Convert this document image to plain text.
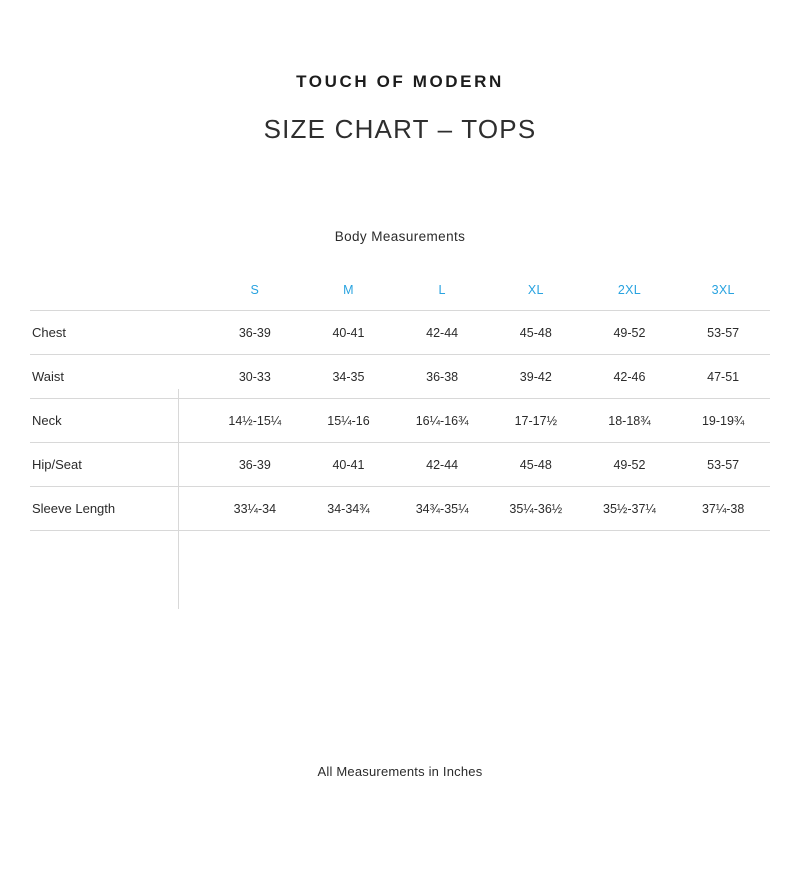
TOUCH OF MODERN
SIZE CHART – TOPS
Body Measurements
	S	M	L	XL	2XL	3XL
Chest	36-39	40-41	42-44	45-48	49-52	53-57
Waist	30-33	34-35	36-38	39-42	42-46	47-51
Neck	14½-15¼	15¼-16	16¼-16¾	17-17½	18-18¾	19-19¾
Hip/Seat	36-39	40-41	42-44	45-48	49-52	53-57
Sleeve Length	33¼-34	34-34¾	34¾-35¼	35¼-36½	35½-37¼	37¼-38
All Measurements in Inches
